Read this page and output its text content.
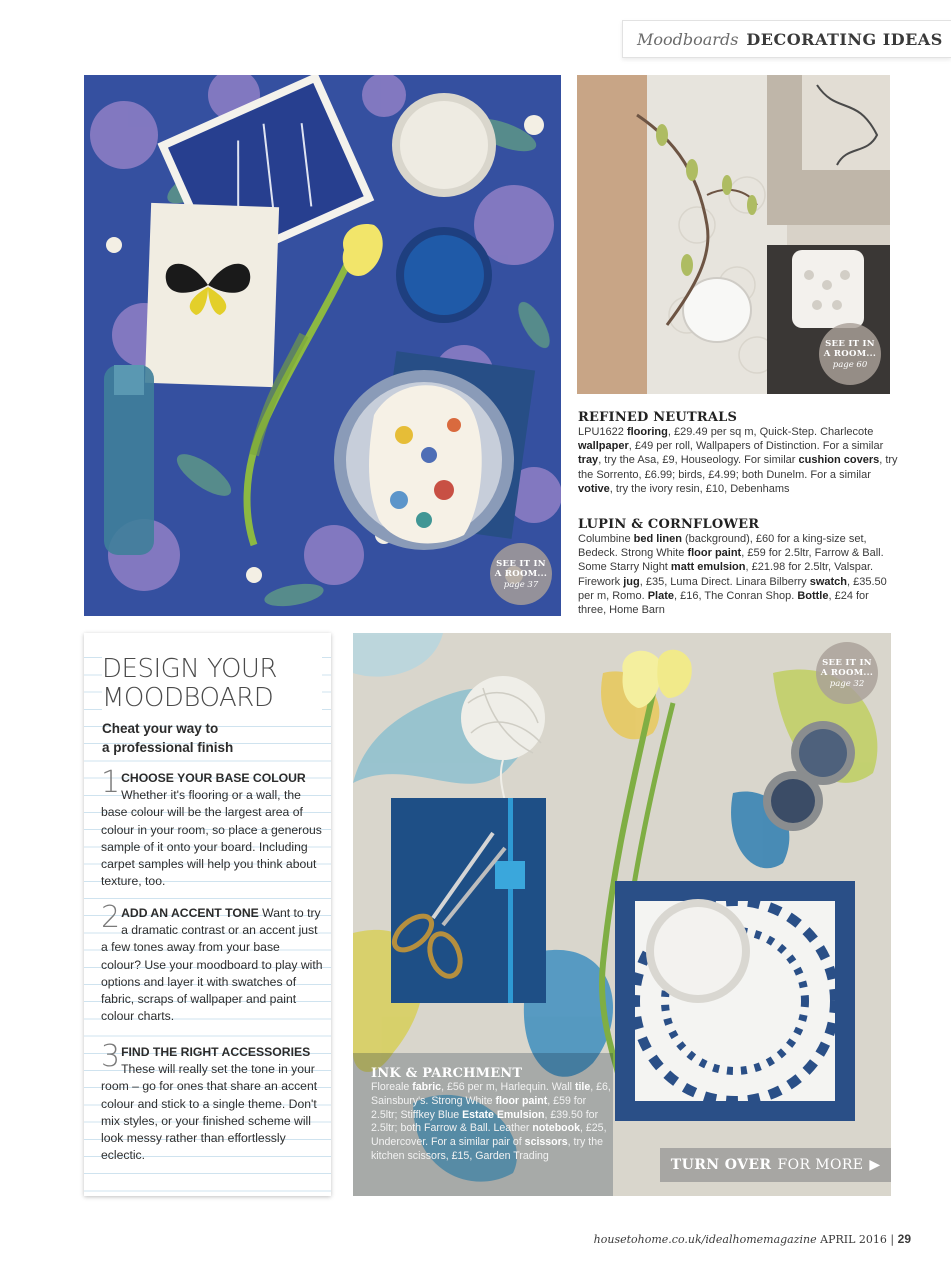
Moodboards DECORATING IDEAS
SEE IT IN
A ROOM...
page 37
SEE IT IN
A ROOM...
page 60
REFINED NEUTRALS
LPU1622 flooring, £29.49 per sq m, Quick-Step. Charlecote wallpaper, £49 per roll, Wallpapers of Distinction. For a similar tray, try the Asa, £9, Houseology. For similar cushion covers, try the Sorrento, £6.99; birds, £4.99; both Dunelm. For a similar votive, try the ivory resin, £10, Debenhams
LUPIN & CORNFLOWER
Columbine bed linen (background), £60 for a king-size set, Bedeck. Strong White floor paint, £59 for 2.5ltr, Farrow & Ball. Some Starry Night matt emulsion, £21.98 for 2.5ltr, Valspar. Firework jug, £35, Luma Direct. Linara Bilberry swatch, £35.50 per m, Romo. Plate, £16, The Conran Shop. Bottle, £24 for three, Home Barn
DESIGN YOUR
MOODBOARD
Cheat your way to
a professional finish
1 CHOOSE YOUR BASE COLOUR Whether it's flooring or a wall, the base colour will be the largest area of colour in your room, so place a generous sample of it onto your board. Including carpet samples will help you think about texture, too.
2 ADD AN ACCENT TONE Want to try a dramatic contrast or an accent just a few tones away from your base colour? Use your moodboard to play with options and layer it with swatches of fabric, scraps of wallpaper and paint colour charts.
3 FIND THE RIGHT ACCESSORIES These will really set the tone in your room – go for ones that share an accent colour and stick to a single theme. Don't mix styles, or your finished scheme will look messy rather than effortlessly eclectic.
SEE IT IN
A ROOM...
page 32
INK & PARCHMENT
Floreale fabric, £56 per m, Harlequin. Wall tile, £6, Sainsbury's. Strong White floor paint, £59 for 2.5ltr; Stiffkey Blue Estate Emulsion, £39.50 for 2.5ltr; both Farrow & Ball. Leather notebook, £25, Undercover. For a similar pair of scissors, try the kitchen scissors, £15, Garden Trading
TURN OVER FOR MORE ▶
housetohome.co.uk/idealhomemagazine APRIL 2016 | 29
